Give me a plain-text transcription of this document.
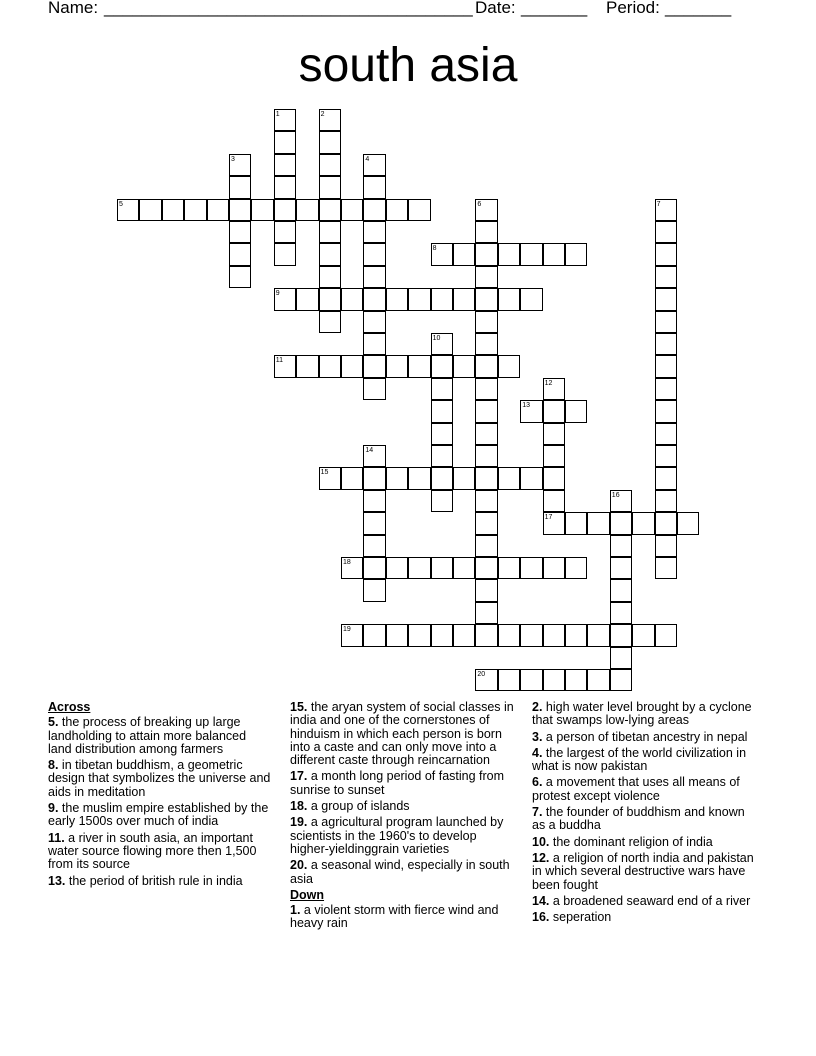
Name: _______________________________________ Date: _______ Period: _______
south asia
1	2
3	4
5	6	7
8
9
10
11
12
13
14
15
16
17
18
19
20
Across
5. the process of breaking up large landholding to attain more balanced land distribution among farmers
8. in tibetan buddhism, a geometric design that symbolizes the universe and aids in meditation
9. the muslim empire established by the early 1500s over much of india
11. a river in south asia, an important water source flowing more then 1,500 from its source
13. the period of british rule in india
15. the aryan system of social classes in india and one of the cornerstones of hinduism in which each person is born into a caste and can only move into a different caste through reincarnation
17. a month long period of fasting from sunrise to sunset
18. a group of islands
19. a agricultural program launched by scientists in the 1960's to develop higher-yieldinggrain varieties
20. a seasonal wind, especially in south asia
Down
1. a violent storm with fierce wind and heavy rain
2. high water level brought by a cyclone that swamps low-lying areas
3. a person of tibetan ancestry in nepal
4. the largest of the world civilization in what is now pakistan
6. a movement that uses all means of protest except violence
7. the founder of buddhism and known as a buddha
10. the dominant religion of india
12. a religion of north india and pakistan in which several destructive wars have been fought
14. a broadened seaward end of a river
16. seperation
